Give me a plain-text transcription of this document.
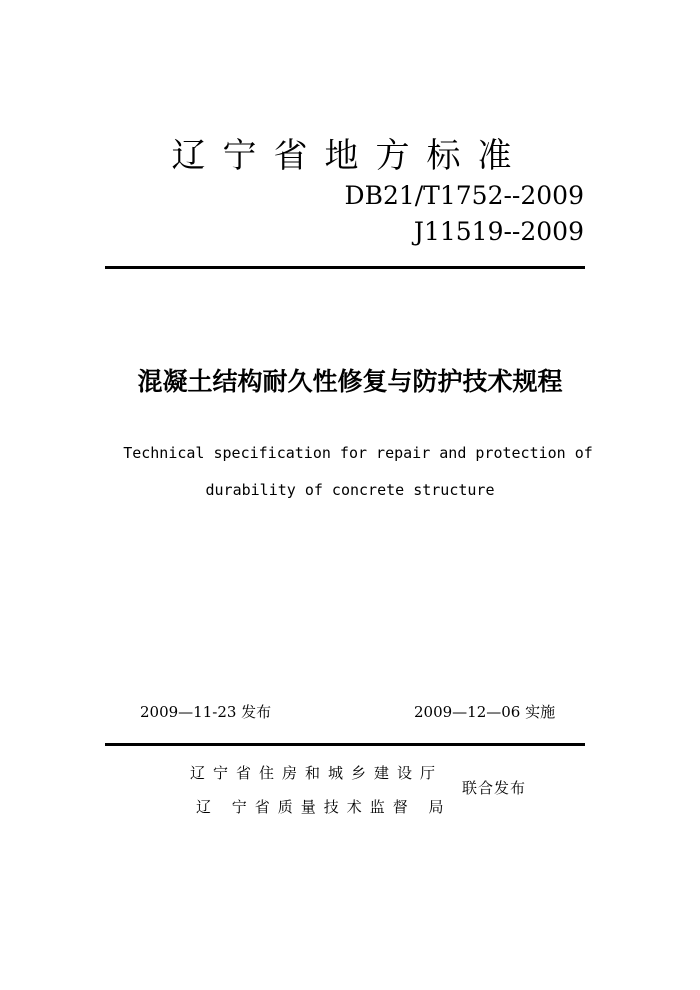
辽宁省地方标准
DB21/T1752--2009
J11519--2009
混凝土结构耐久性修复与防护技术规程
Technical specification for repair and protection of
durability of concrete structure
2009—11-23 发布	2009—12—06 实施
辽宁省住房和城乡建设厅
辽 宁省质量技术监督 局
联合发布
